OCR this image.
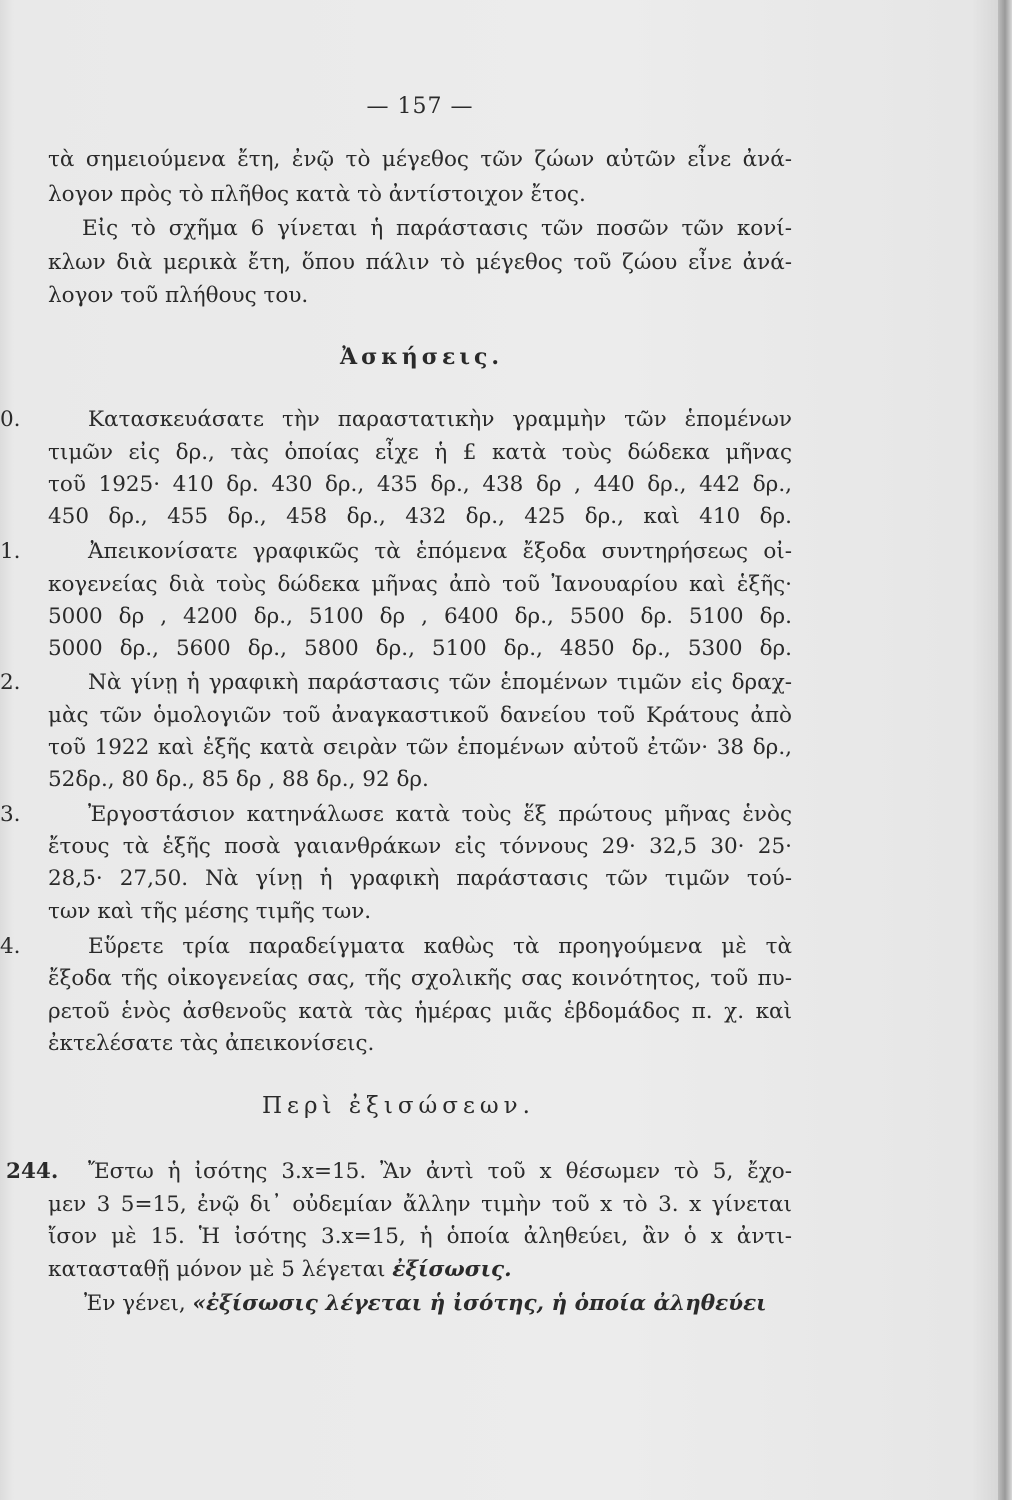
— 157 —
τὰ σημειούμενα ἔτη, ἐνῷ τὸ μέγεθος τῶν ζώων αὐτῶν εἶνε ἀνά-
λογον πρὸς τὸ πλῆθος κατὰ τὸ ἀντίστοιχον ἔτος.
Εἰς τὸ σχῆμα 6 γίνεται ἡ παράστασις τῶν ποσῶν τῶν κονί-
κλων διὰ μερικὰ ἔτη, ὅπου πάλιν τὸ μέγεθος τοῦ ζώου εἶνε ἀνά-
λογον τοῦ πλήθους του.
Ἀσκήσεις.
0.	Κατασκευάσατε τὴν παραστατικὴν γραμμὴν τῶν ἑπομένων
τιμῶν εἰς δρ., τὰς ὁποίας εἶχε ἡ £ κατὰ τοὺς δώδεκα μῆνας
τοῦ 1925· 410 δρ. 430 δρ., 435 δρ., 438 δρ , 440 δρ., 442 δρ.,
450 δρ., 455 δρ., 458 δρ., 432 δρ., 425 δρ., καὶ 410 δρ.
1.	Ἀπεικονίσατε γραφικῶς τὰ ἑπόμενα ἔξοδα συντηρήσεως οἰ-
κογενείας διὰ τοὺς δώδεκα μῆνας ἀπὸ τοῦ Ἰανουαρίου καὶ ἑξῆς·
5000 δρ , 4200 δρ., 5100 δρ , 6400 δρ., 5500 δρ. 5100 δρ.
5000 δρ., 5600 δρ., 5800 δρ., 5100 δρ., 4850 δρ., 5300 δρ.
2.	Νὰ γίνῃ ἡ γραφικὴ παράστασις τῶν ἑπομένων τιμῶν εἰς δραχ-
μὰς τῶν ὁμολογιῶν τοῦ ἀναγκαστικοῦ δανείου τοῦ Κράτους ἀπὸ
τοῦ 1922 καὶ ἑξῆς κατὰ σειρὰν τῶν ἑπομένων αὐτοῦ ἐτῶν· 38 δρ.,
52δρ., 80 δρ., 85 δρ , 88 δρ., 92 δρ.
3.	Ἐργοστάσιον κατηνάλωσε κατὰ τοὺς ἕξ πρώτους μῆνας ἑνὸς
ἔτους τὰ ἑξῆς ποσὰ γαιανθράκων εἰς τόννους 29· 32,5 30· 25·
28,5· 27,50. Νὰ γίνῃ ἡ γραφικὴ παράστασις τῶν τιμῶν τού-
των καὶ τῆς μέσης τιμῆς των.
4.	Εὕρετε τρία παραδείγματα καθὼς τὰ προηγούμενα μὲ τὰ
ἔξοδα τῆς οἰκογενείας σας, τῆς σχολικῆς σας κοινότητος, τοῦ πυ-
ρετοῦ ἑνὸς ἀσθενοῦς κατὰ τὰς ἡμέρας μιᾶς ἑβδομάδος π. χ. καὶ
ἐκτελέσατε τὰς ἀπεικονίσεις.
Περὶ ἐξισώσεων.
244. Ἔστω ἡ ἰσότης 3.x=15. Ἂν ἀντὶ τοῦ x θέσωμεν τὸ 5, ἔχο-
μεν 3 5=15, ἐνῷ δι᾽ οὐδεμίαν ἄλλην τιμὴν τοῦ x τὸ 3. x γίνεται
ἴσον μὲ 15. Ἡ ἰσότης 3.x=15, ἡ ὁποία ἀληθεύει, ἂν ὁ x ἀντι-
κατασταθῇ μόνον μὲ 5 λέγεται ἐξίσωσις.
Ἐν γένει, «ἐξίσωσις λέγεται ἡ ἰσότης, ἡ ὁποία ἀληθεύει
